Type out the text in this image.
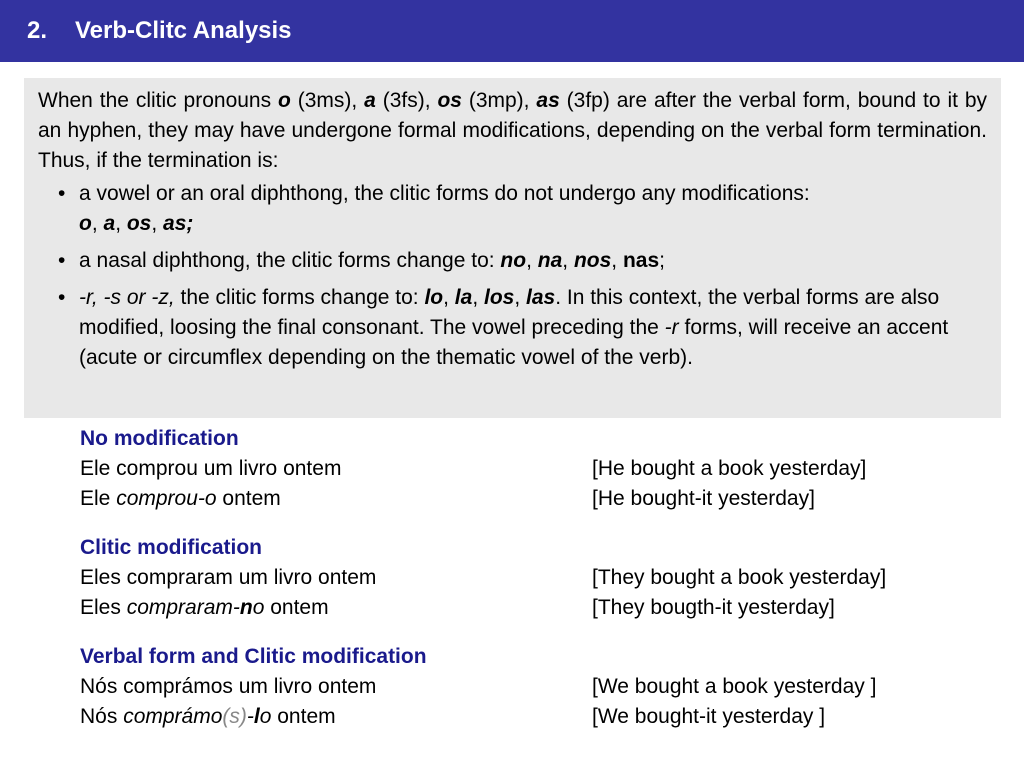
2.	Verb-Clitc Analysis

When the clitic pronouns o (3ms), a (3fs), os (3mp), as (3fp) are after the verbal form, bound to it by an hyphen, they may have undergone formal modifications, depending on the verbal form termination. Thus, if the termination is:

• a vowel or an oral diphthong, the clitic forms do not undergo any modifications:
o, a, os, as;
• a nasal diphthong, the clitic forms change to: no, na, nos, nas;
• -r, -s or -z, the clitic forms change to: lo, la, los, las. In this context, the verbal forms are also modified, loosing the final consonant. The vowel preceding the -r forms, will receive an accent (acute or circumflex depending on the thematic vowel of the verb).
No modification
Ele comprou um livro ontem	[He bought a book yesterday]
Ele comprou-o ontem	[He bought-it yesterday]
Clitic modification
Eles compraram um livro ontem	[They bought a book yesterday]
Eles compraram-no ontem	[They bougth-it yesterday]
Verbal form and Clitic modification
Nós comprámos um livro ontem	[We bought a book yesterday ]
Nós comprámo(s)-lo ontem	[We bought-it yesterday ]
